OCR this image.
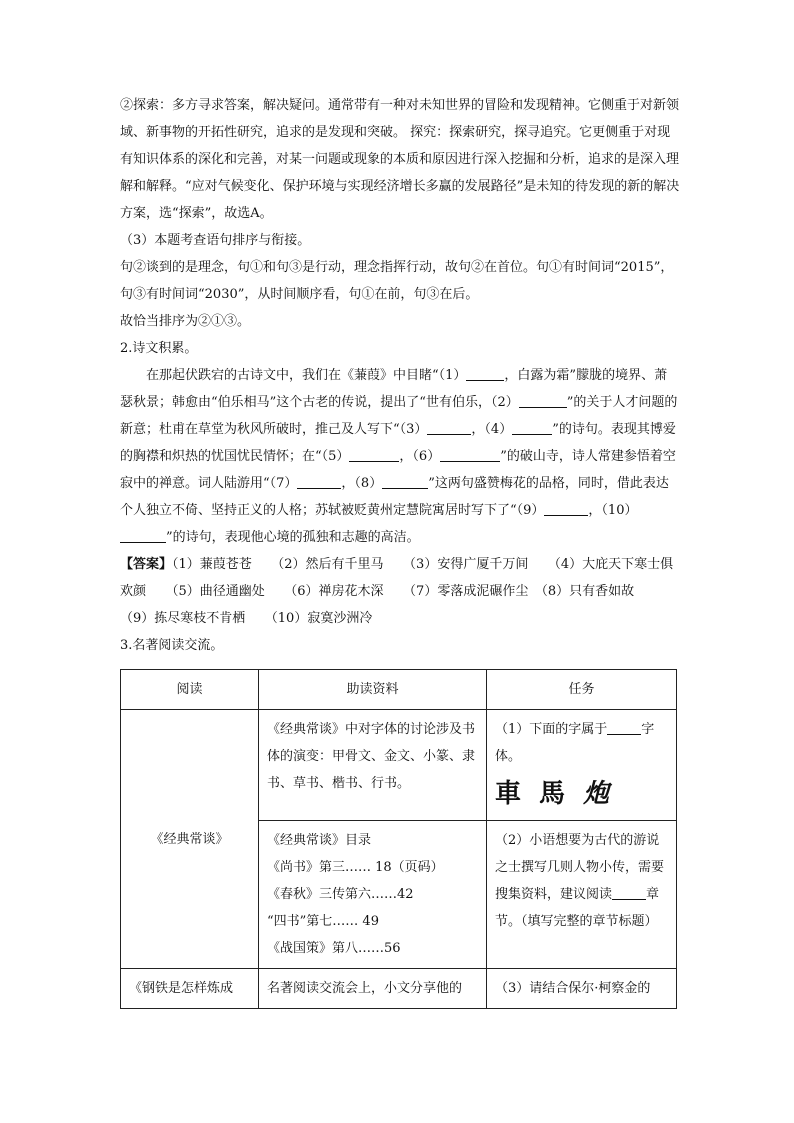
②探索：多方寻求答案，解决疑问。通常带有一种对未知世界的冒险和发现精神。它侧重于对新领域、新事物的开拓性研究，追求的是发现和突破。 探究：探索研究，探寻追究。它更侧重于对现有知识体系的深化和完善，对某一问题或现象的本质和原因进行深入挖掘和分析，追求的是深入理解和解释。“应对气候变化、保护环境与实现经济增长多赢的发展路径”是未知的待发现的新的解决方案，选“探索”，故选A。

（3）本题考查语句排序与衔接。

句②谈到的是理念，句①和句③是行动，理念指挥行动，故句②在首位。句①有时间词“2015”，句③有时间词“2030”，从时间顺序看，句①在前，句③在后。

故恰当排序为②①③。

2.诗文积累。

在那起伏跌宕的古诗文中，我们在《蒹葭》中目睹“（1）	，白露为霜”朦胧的境界、萧瑟秋景；韩愈由“伯乐相马”这个古老的传说，提出了“世有伯乐，（2）	”的关于人才问题的新意；杜甫在草堂为秋风所破时，推己及人写下“（3）	，（4）	”的诗句。表现其博爱的胸襟和炽热的忧国忧民情怀；在“（5）	，（6）	”的破山寺，诗人常建参悟着空寂中的禅意。词人陆游用“（7）	，（8）	”这两句盛赞梅花的品格，同时，借此表达个人独立不倚、坚持正义的人格；苏轼被贬黄州定慧院寓居时写下了“（9）	，（10）”的诗句，表现他心境的孤独和志趣的高洁。

【答案】（1）蒹葭苍苍　　（2）然后有千里马　　（3）安得广厦千万间　　（4）大庇天下寒士俱欢颜　　（5）曲径通幽处　　（6）禅房花木深　　（7）零落成泥碾作尘　（8）只有香如故　　（9）拣尽寒枝不肯栖　　（10）寂寞沙洲冷

3.名著阅读交流。

阅读	助读资料	任务
《经典常谈》	《经典常谈》中对字体的讨论涉及书体的演变：甲骨文、金文、小篆、隶书、草书、楷书、行书。	（1）下面的字属于 字体。
車馬炮

	《经典常谈》目录
《尚书》第三…… 18（页码）
《春秋》三传第六……42
“四书”第七…… 49
《战国策》第八……56	（2）小语想要为古代的游说之士撰写几则人物小传，需要搜集资料，建议阅读 章节。（填写完整的章节标题）
《钢铁是怎样炼成	名著阅读交流会上，小文分享他的	（3）请结合保尔·柯察金的
